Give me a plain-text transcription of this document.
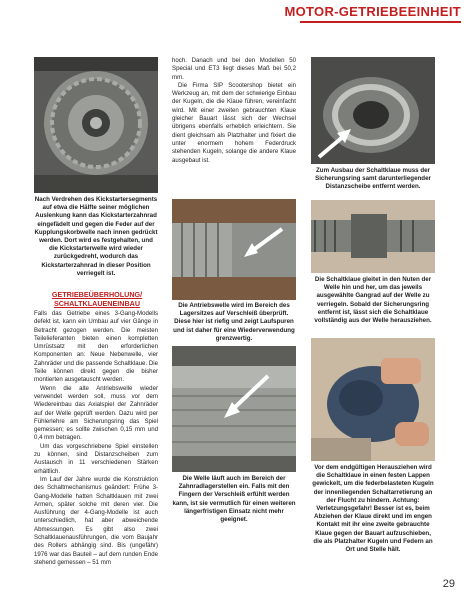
MOTOR-GETRIEBEEINHEIT
Nach Verdrehen des Kickstartersegments auf etwa die Hälfte seiner möglichen Auslenkung kann das Kickstarterzahnrad eingefädelt und gegen die Feder auf der Kupplungskorbwelle nach innen gedrückt werden. Dort wird es festgehalten, und die Kickstarterwelle wird wieder zurückgedreht, wodurch das Kickstarterzahnrad in dieser Position verriegelt ist.
GETRIEBEÜBERHOLUNG/ SCHALTKLAUENEINBAU

Falls das Getriebe eines 3-Gang-Modells defekt ist, kann ein Umbau auf vier Gänge in Betracht gezogen werden. Die meisten Teilelieferanten bieten einen kompletten Umrüstsatz mit den erforderlichen Komponenten an: Neue Nebenwelle, vier Zahnräder und die passende Schaltklaue. Die Teile können direkt gegen die bisher montierten ausgetauscht werden.

Wenn die alte Antriebswelle wieder verwendet werden soll, muss vor dem Wiedereinbau das Axialspiel der Zahnräder auf der Welle geprüft werden. Dazu wird per Fühlerlehre am Sicherungsring das Spiel gemessen; es sollte zwischen 0,15 mm und 0,4 mm betragen.

Um das vorgeschriebene Spiel einstellen zu können, sind Distanzscheiben zum Austausch in 11 verschiedenen Stärken erhältlich.

Im Lauf der Jahre wurde die Konstruktion des Schaltmechanismus geändert: Frühe 3-Gang-Modelle hatten Schaltklauen mit zwei Armen, später solche mit deren vier. Die Ausführung der 4-Gang-Modelle ist auch unterschiedlich, hat aber abweichende Abmessungen. Es gibt also zwei Schaltklauenausführungen, die vom Baujahr des Rollers abhängig sind. Bis (ungefähr) 1976 war das Bauteil – auf dem runden Ende stehend gemessen – 51 mm

hoch. Danach und bei den Modellen 50 Special und ET3 liegt dieses Maß bei 50,2 mm.

Die Firma SIP Scootershop bietet ein Werkzeug an, mit dem der schwierige Einbau der Kugeln, die die Klaue führen, vereinfacht wird. Mit einer zweiten gebrauchten Klaue gleicher Bauart lässt sich der Wechsel übrigens ebenfalls erheblich erleichtern. Sie dient gleichsam als Platzhalter und fixiert die unter enormem hohem Federdruck stehenden Kugeln, solange die andere Klaue ausgebaut ist.

Zum Ausbau der Schaltklaue muss der Sicherungsring samt darunterliegender Distanzscheibe entfernt werden.
Die Antriebswelle wird im Bereich des Lagersitzes auf Verschleiß überprüft. Diese hier ist riefig und zeigt Laufspuren und ist daher für eine Wiederverwendung grenzwertig.
Die Schaltklaue gleitet in den Nuten der Welle hin und her, um das jeweils ausgewählte Gangrad auf der Welle zu verriegeln. Sobald der Sicherungsring entfernt ist, lässt sich die Schaltklaue vollständig aus der Welle herausziehen.
Die Welle läuft auch im Bereich der Zahnradlagerstellen ein. Falls mit den Fingern der Verschleiß erfühlt werden kann, ist sie vermutlich für einen weiteren längerfristigen Einsatz nicht mehr geeignet.
Vor dem endgültigen Herausziehen wird die Schaltklaue in einen festen Lappen gewickelt, um die federbelasteten Kugeln der innenliegenden Schaltarretierung an der Flucht zu hindern. Achtung: Verletzungsgefahr! Besser ist es, beim Abziehen der Klaue direkt und im engen Kontakt mit ihr eine zweite gebrauchte Klaue gegen der Bauart aufzuschieben, die als Platzhalter Kugeln und Federn an Ort und Stelle hält.
29
